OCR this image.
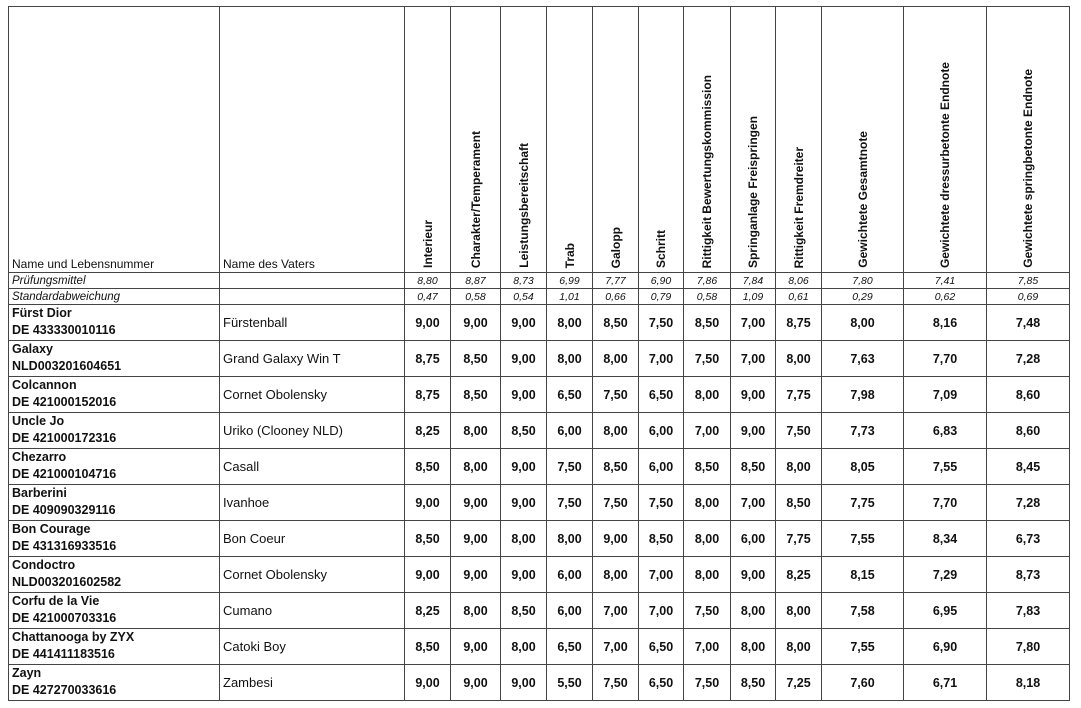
Name und Lebensnummer	Name des Vaters	Interieur	Charakter/Temperament	Leistungsbereitschaft	Trab	Galopp	Schritt	Rittigkeit Bewertungskommission	Springanlage Freispringen	Rittigkeit Fremdreiter	Gewichtete Gesamtnote	Gewichtete dressurbetonte Endnote	Gewichtete springbetonte Endnote

Prüfungsmittel		8,80	8,87	8,73	6,99	7,77	6,90	7,86	7,84	8,06	7,80	7,41	7,85
Standardabweichung		0,47	0,58	0,54	1,01	0,66	0,79	0,58	1,09	0,61	0,29	0,62	0,69

Fürst Dior
DE 433330010116	Fürstenball	9,00	9,00	9,00	8,00	8,50	7,50	8,50	7,00	8,75	8,00	8,16	7,48

Galaxy
NLD003201604651	Grand Galaxy Win T	8,75	8,50	9,00	8,00	8,00	7,00	7,50	7,00	8,00	7,63	7,70	7,28

Colcannon
DE 421000152016	Cornet Obolensky	8,75	8,50	9,00	6,50	7,50	6,50	8,00	9,00	7,75	7,98	7,09	8,60

Uncle Jo
DE 421000172316	Uriko (Clooney NLD)	8,25	8,00	8,50	6,00	8,00	6,00	7,00	9,00	7,50	7,73	6,83	8,60

Chezarro
DE 421000104716	Casall	8,50	8,00	9,00	7,50	8,50	6,00	8,50	8,50	8,00	8,05	7,55	8,45

Barberini
DE 409090329116	Ivanhoe	9,00	9,00	9,00	7,50	7,50	7,50	8,00	7,00	8,50	7,75	7,70	7,28

Bon Courage
DE 431316933516	Bon Coeur	8,50	9,00	8,00	8,00	9,00	8,50	8,00	6,00	7,75	7,55	8,34	6,73

Condoctro
NLD003201602582	Cornet Obolensky	9,00	9,00	9,00	6,00	8,00	7,00	8,00	9,00	8,25	8,15	7,29	8,73

Corfu de la Vie
DE 421000703316	Cumano	8,25	8,00	8,50	6,00	7,00	7,00	7,50	8,00	8,00	7,58	6,95	7,83

Chattanooga by ZYX
DE 441411183516	Catoki Boy	8,50	9,00	8,00	6,50	7,00	6,50	7,00	8,00	8,00	7,55	6,90	7,80

Zayn
DE 427270033616	Zambesi	9,00	9,00	9,00	5,50	7,50	6,50	7,50	8,50	7,25	7,60	6,71	8,18
